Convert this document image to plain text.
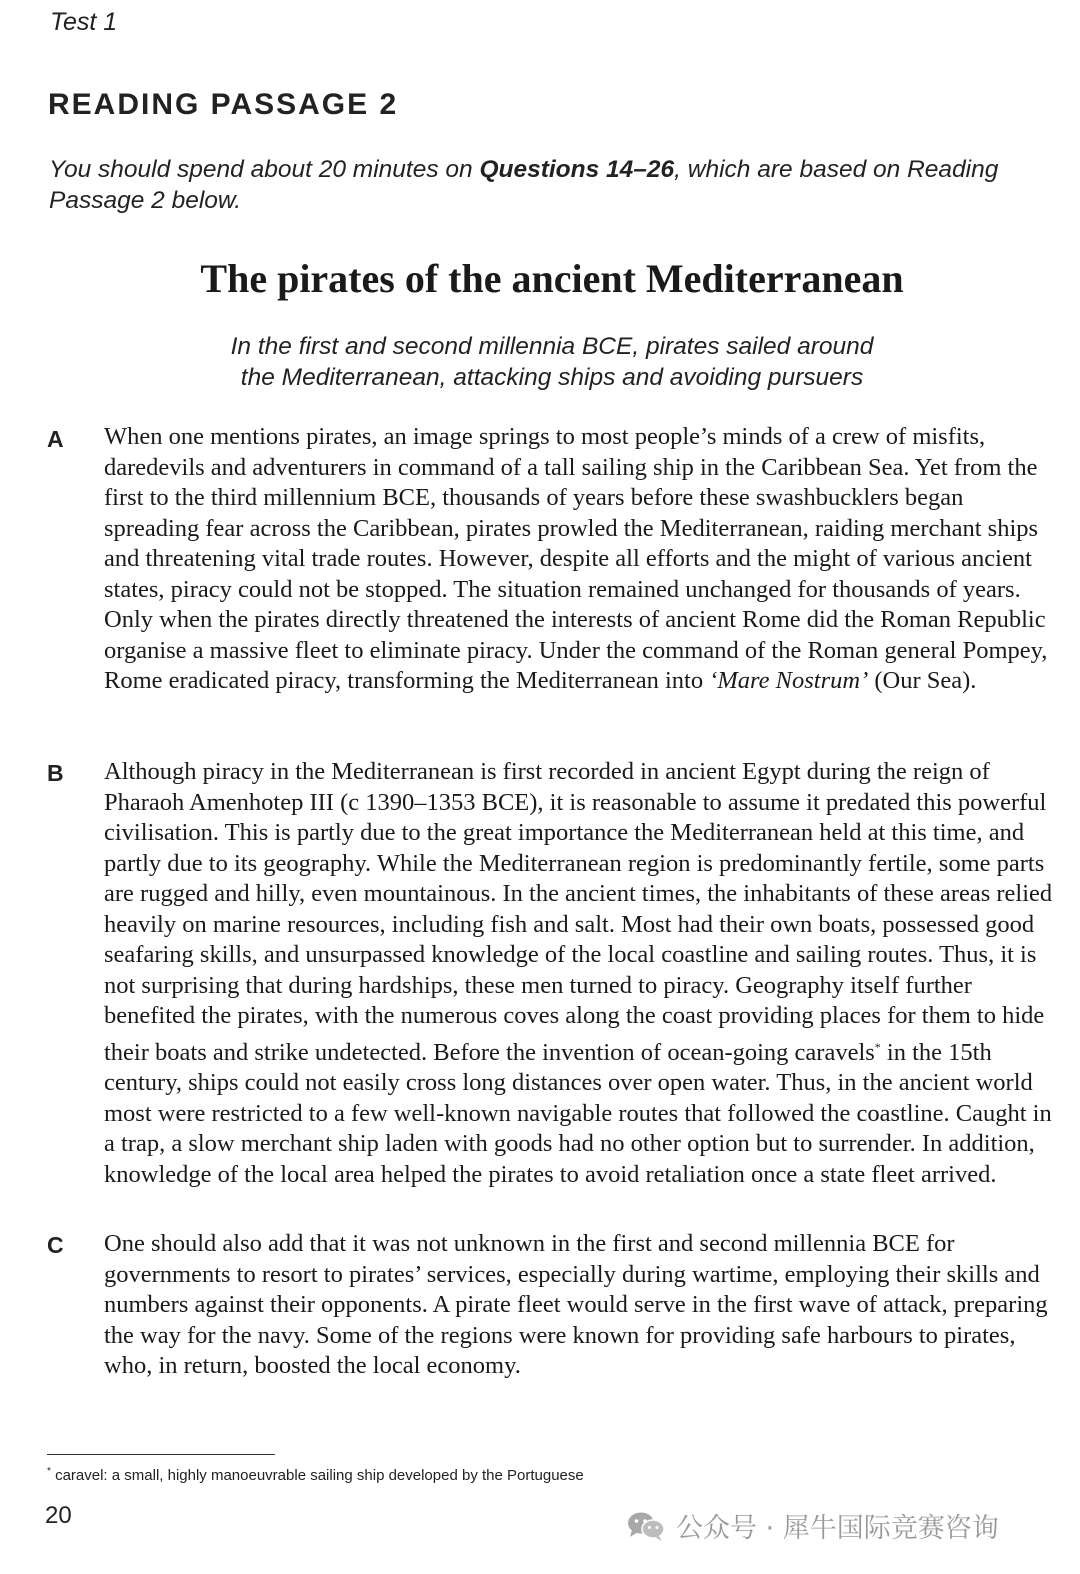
Test 1
READING PASSAGE 2
You should spend about 20 minutes on Questions 14–26, which are based on Reading Passage 2 below.
The pirates of the ancient Mediterranean
In the first and second millennia BCE, pirates sailed around
the Mediterranean, attacking ships and avoiding pursuers
A When one mentions pirates, an image springs to most people’s minds of a crew of misfits, daredevils and adventurers in command of a tall sailing ship in the Caribbean Sea. Yet from the first to the third millennium BCE, thousands of years before these swashbucklers began spreading fear across the Caribbean, pirates prowled the Mediterranean, raiding merchant ships and threatening vital trade routes. However, despite all efforts and the might of various ancient states, piracy could not be stopped. The situation remained unchanged for thousands of years. Only when the pirates directly threatened the interests of ancient Rome did the Roman Republic organise a massive fleet to eliminate piracy. Under the command of the Roman general Pompey, Rome eradicated piracy, transforming the Mediterranean into ‘Mare Nostrum’ (Our Sea).
B Although piracy in the Mediterranean is first recorded in ancient Egypt during the reign of Pharaoh Amenhotep III (c 1390–1353 BCE), it is reasonable to assume it predated this powerful civilisation. This is partly due to the great importance the Mediterranean held at this time, and partly due to its geography. While the Mediterranean region is predominantly fertile, some parts are rugged and hilly, even mountainous. In the ancient times, the inhabitants of these areas relied heavily on marine resources, including fish and salt. Most had their own boats, possessed good seafaring skills, and unsurpassed knowledge of the local coastline and sailing routes. Thus, it is not surprising that during hardships, these men turned to piracy. Geography itself further benefited the pirates, with the numerous coves along the coast providing places for them to hide their boats and strike undetected. Before the invention of ocean-going caravels* in the 15th century, ships could not easily cross long distances over open water. Thus, in the ancient world most were restricted to a few well-known navigable routes that followed the coastline. Caught in a trap, a slow merchant ship laden with goods had no other option but to surrender. In addition, knowledge of the local area helped the pirates to avoid retaliation once a state fleet arrived.
C One should also add that it was not unknown in the first and second millennia BCE for governments to resort to pirates’ services, especially during wartime, employing their skills and numbers against their opponents. A pirate fleet would serve in the first wave of attack, preparing the way for the navy. Some of the regions were known for providing safe harbours to pirates, who, in return, boosted the local economy.
* caravel: a small, highly manoeuvrable sailing ship developed by the Portuguese
20	公众号 · 犀牛国际竞赛咨询
